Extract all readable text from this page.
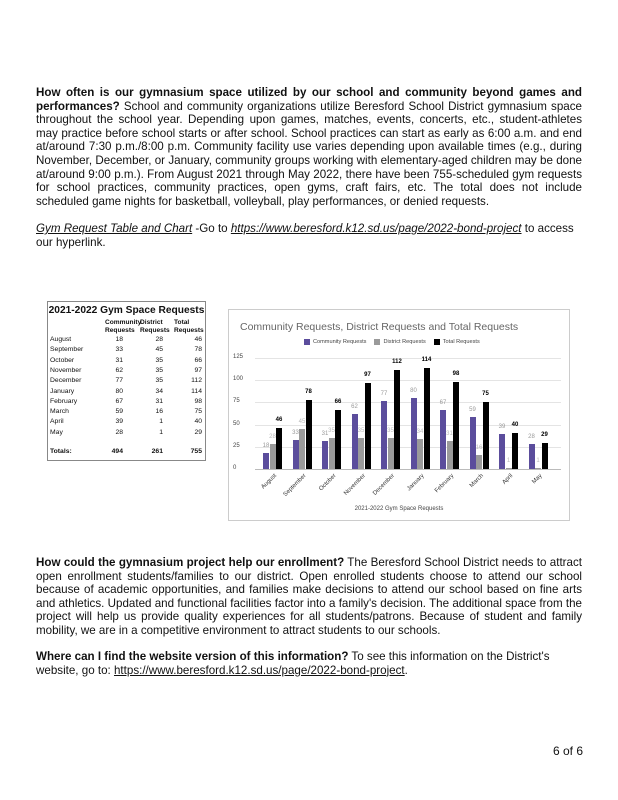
How often is our gymnasium space utilized by our school and community beyond games and performances? School and community organizations utilize Beresford School District gymnasium space throughout the school year. Depending upon games, matches, events, concerts, etc., student-athletes may practice before school starts or after school. School practices can start as early as 6:00 a.m. and end at/around 7:30 p.m./8:00 p.m. Community facility use varies depending upon available times (e.g., during November, December, or January, community groups working with elementary-aged children may be done at/around 9:00 p.m.). From August 2021 through May 2022, there have been 755-scheduled gym requests for school practices, community practices, open gyms, craft fairs, etc. The total does not include scheduled game nights for basketball, volleyball, play performances, or denied requests.
Gym Request Table and Chart -Go to https://www.beresford.k12.sd.us/page/2022-bond-project to access our hyperlink.
2021-2022 Gym Space Requests
Community
Requests
District
Requests
Total
Requests
August	18	28	46
September	33	45	78
October	31	35	66
November	62	35	97
December	77	35	112
January	80	34	114
February	67	31	98
March	59	16	75
April	39	1	40
May	28	1	29
Totals:	494	261	755
Community Requests, District Requests and Total Requests
Community Requests	District Requests	Total Requests
0
25
50
75
100
125
18
28
46
August
33
45
78
September
31
35
66
October
62
35
97
November
77
35
112
December
80
34
114
January
67
31
98
February
59
16
75
March
39
1
40
April
28
1
29
May
2021-2022 Gym Space Requests
How could the gymnasium project help our enrollment? The Beresford School District needs to attract open enrollment students/families to our district. Open enrolled students choose to attend our school because of academic opportunities, and families make decisions to attend our school based on fine arts and athletics. Updated and functional facilities factor into a family's decision. The additional space from the project will help us provide quality experiences for all students/patrons. Because of student and family mobility, we are in a competitive environment to attract students to our schools.
Where can I find the website version of this information? To see this information on the District's website, go to: https://www.beresford.k12.sd.us/page/2022-bond-project.
6 of 6
